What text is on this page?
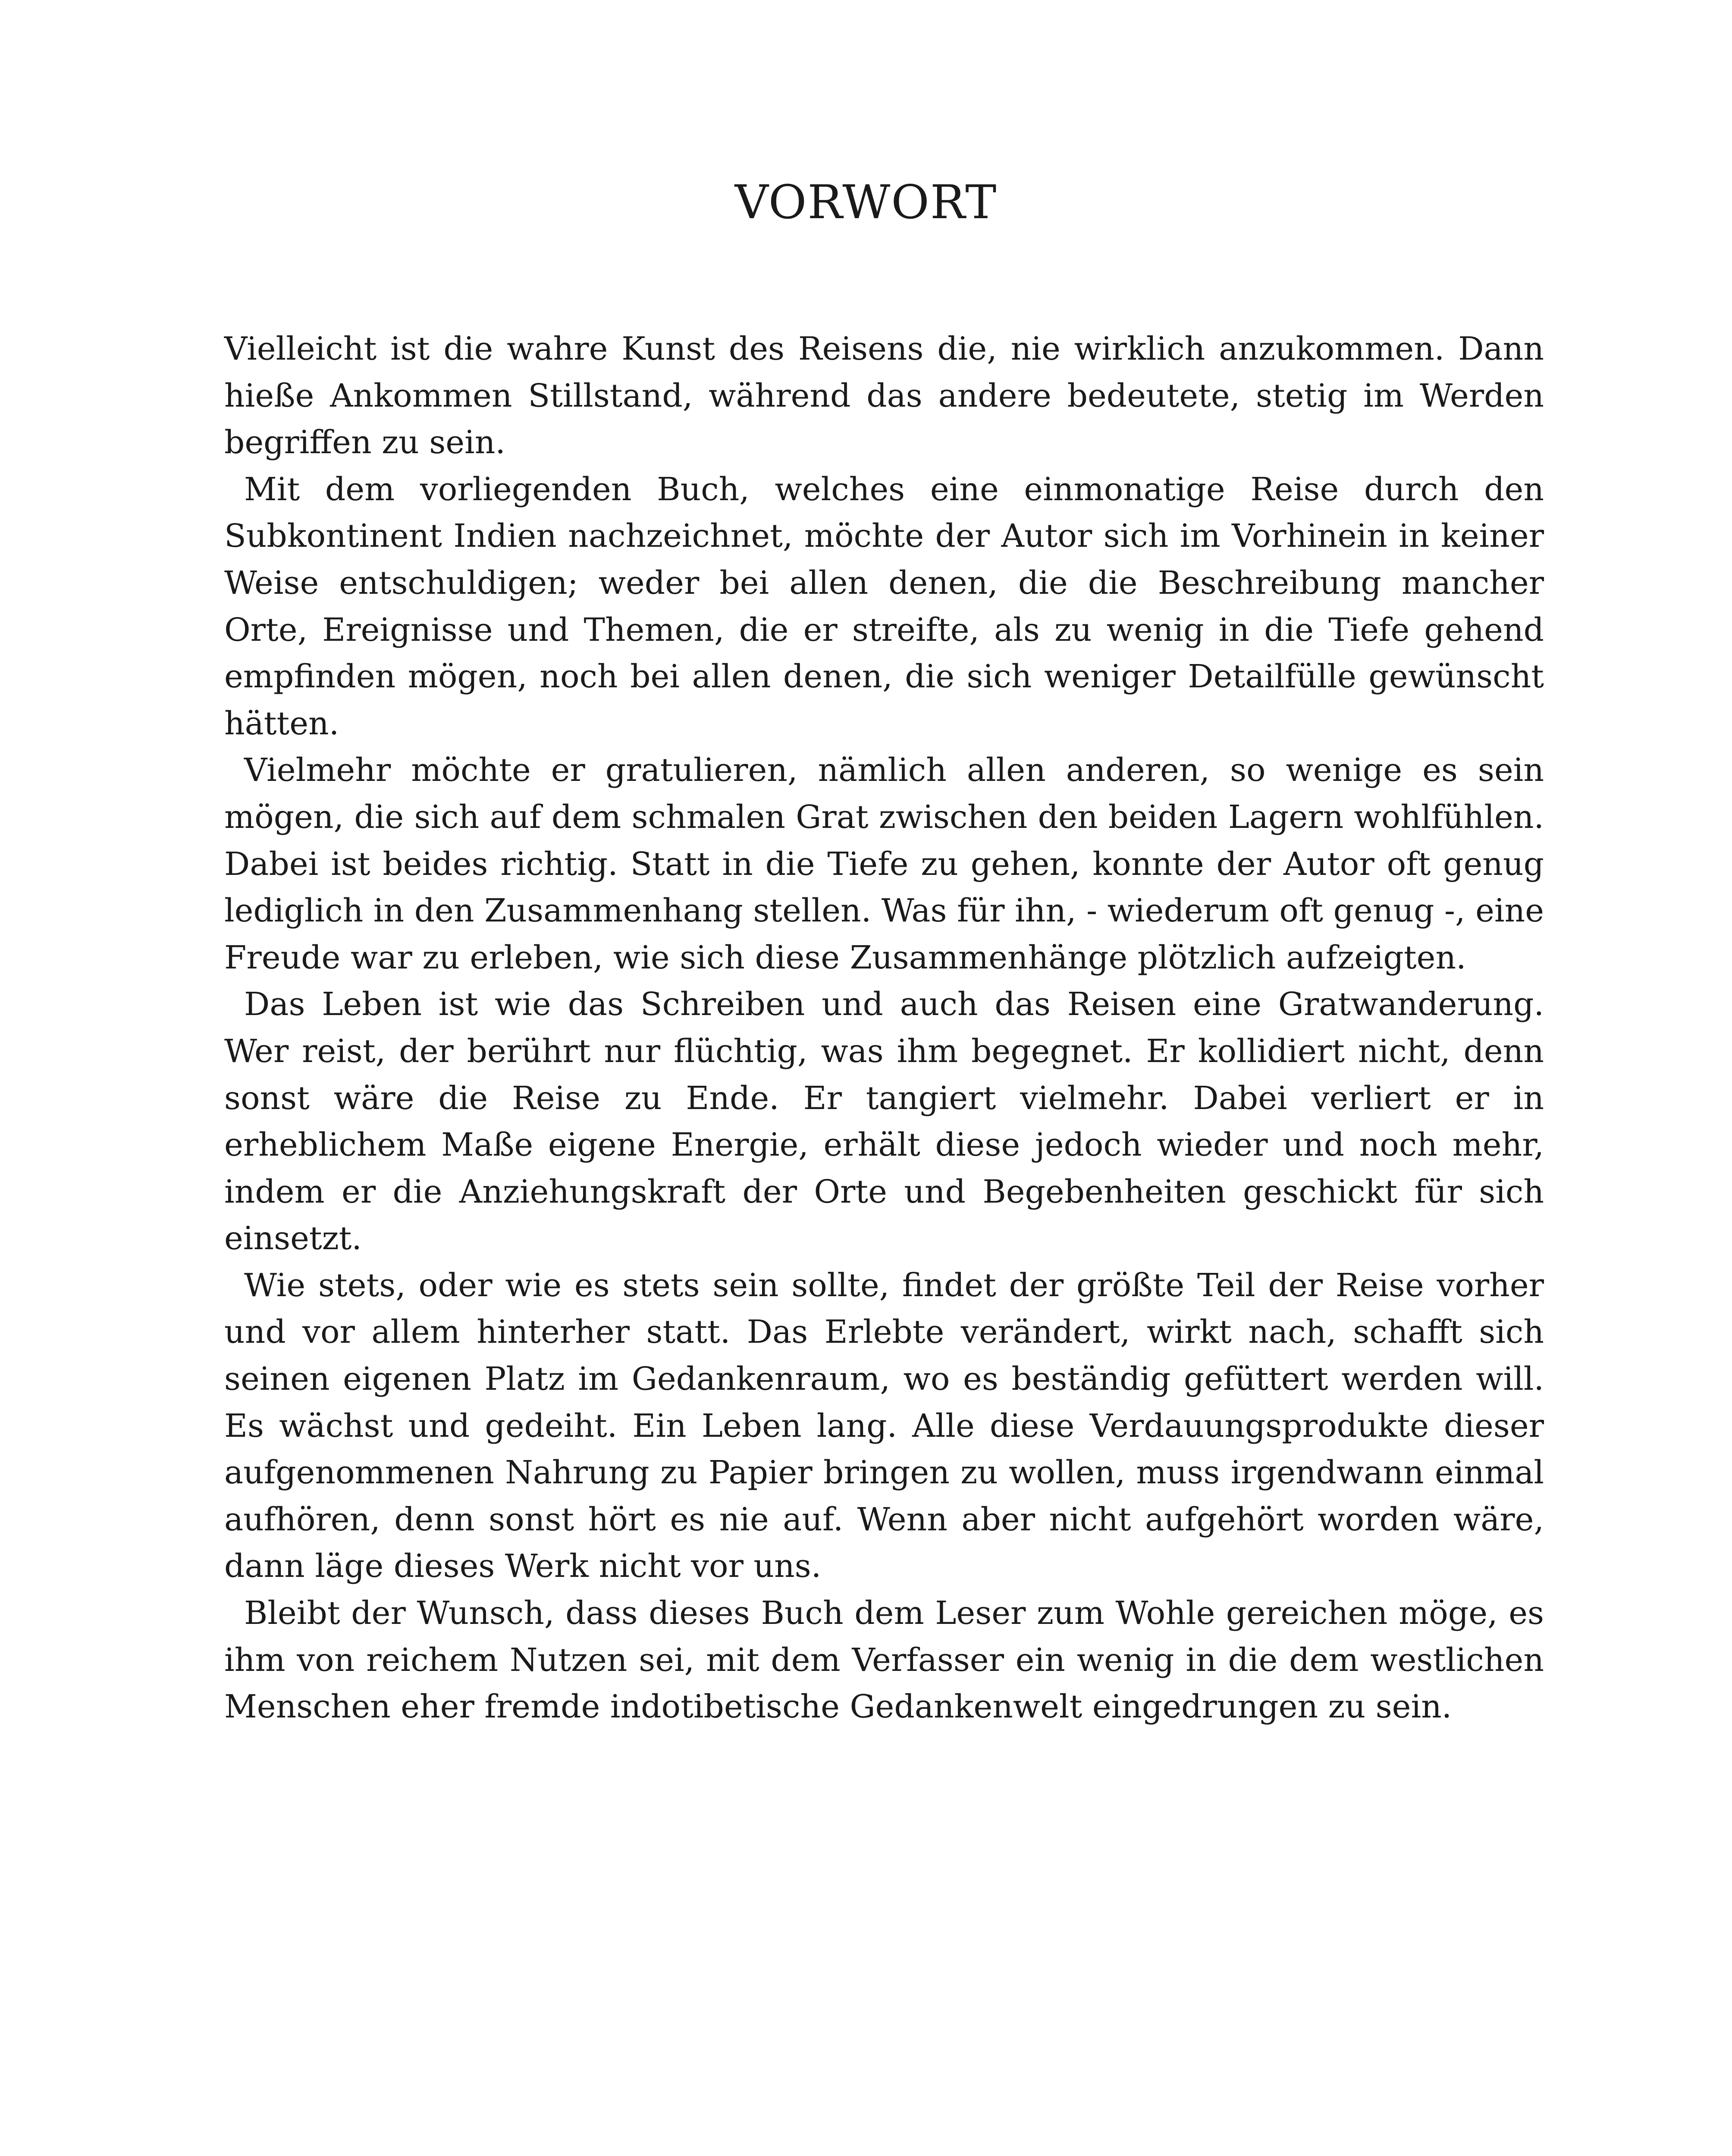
VORWORT

Vielleicht ist die wahre Kunst des Reisens die, nie wirklich anzukommen. Dann hieße Ankommen Stillstand, während das andere bedeutete, stetig im Werden begriffen zu sein.

Mit dem vorliegenden Buch, welches eine einmonatige Reise durch den Subkontinent Indien nachzeichnet, möchte der Autor sich im Vorhinein in keiner Weise entschuldigen; weder bei allen denen, die die Beschreibung mancher Orte, Ereignisse und Themen, die er streifte, als zu wenig in die Tiefe gehend empfinden mögen, noch bei allen denen, die sich weniger Detailfülle gewünscht hätten.

Vielmehr möchte er gratulieren, nämlich allen anderen, so wenige es sein mögen, die sich auf dem schmalen Grat zwischen den beiden Lagern wohlfühlen. Dabei ist beides richtig. Statt in die Tiefe zu gehen, konnte der Autor oft genug lediglich in den Zusammenhang stellen. Was für ihn, - wiederum oft genug -, eine Freude war zu erleben, wie sich diese Zusammenhänge plötzlich aufzeigten.

Das Leben ist wie das Schreiben und auch das Reisen eine Gratwanderung. Wer reist, der berührt nur flüchtig, was ihm begegnet. Er kollidiert nicht, denn sonst wäre die Reise zu Ende. Er tangiert vielmehr. Dabei verliert er in erheblichem Maße eigene Energie, erhält diese jedoch wieder und noch mehr, indem er die Anziehungskraft der Orte und Begebenheiten geschickt für sich einsetzt.

Wie stets, oder wie es stets sein sollte, findet der größte Teil der Reise vorher und vor allem hinterher statt. Das Erlebte verändert, wirkt nach, schafft sich seinen eigenen Platz im Gedankenraum, wo es beständig gefüttert werden will. Es wächst und gedeiht. Ein Leben lang. Alle diese Verdauungsprodukte dieser aufgenommenen Nahrung zu Papier bringen zu wollen, muss irgendwann einmal aufhören, denn sonst hört es nie auf. Wenn aber nicht aufgehört worden wäre, dann läge dieses Werk nicht vor uns.

Bleibt der Wunsch, dass dieses Buch dem Leser zum Wohle gereichen möge, es ihm von reichem Nutzen sei, mit dem Verfasser ein wenig in die dem westlichen Menschen eher fremde indotibetische Gedankenwelt eingedrungen zu sein.
